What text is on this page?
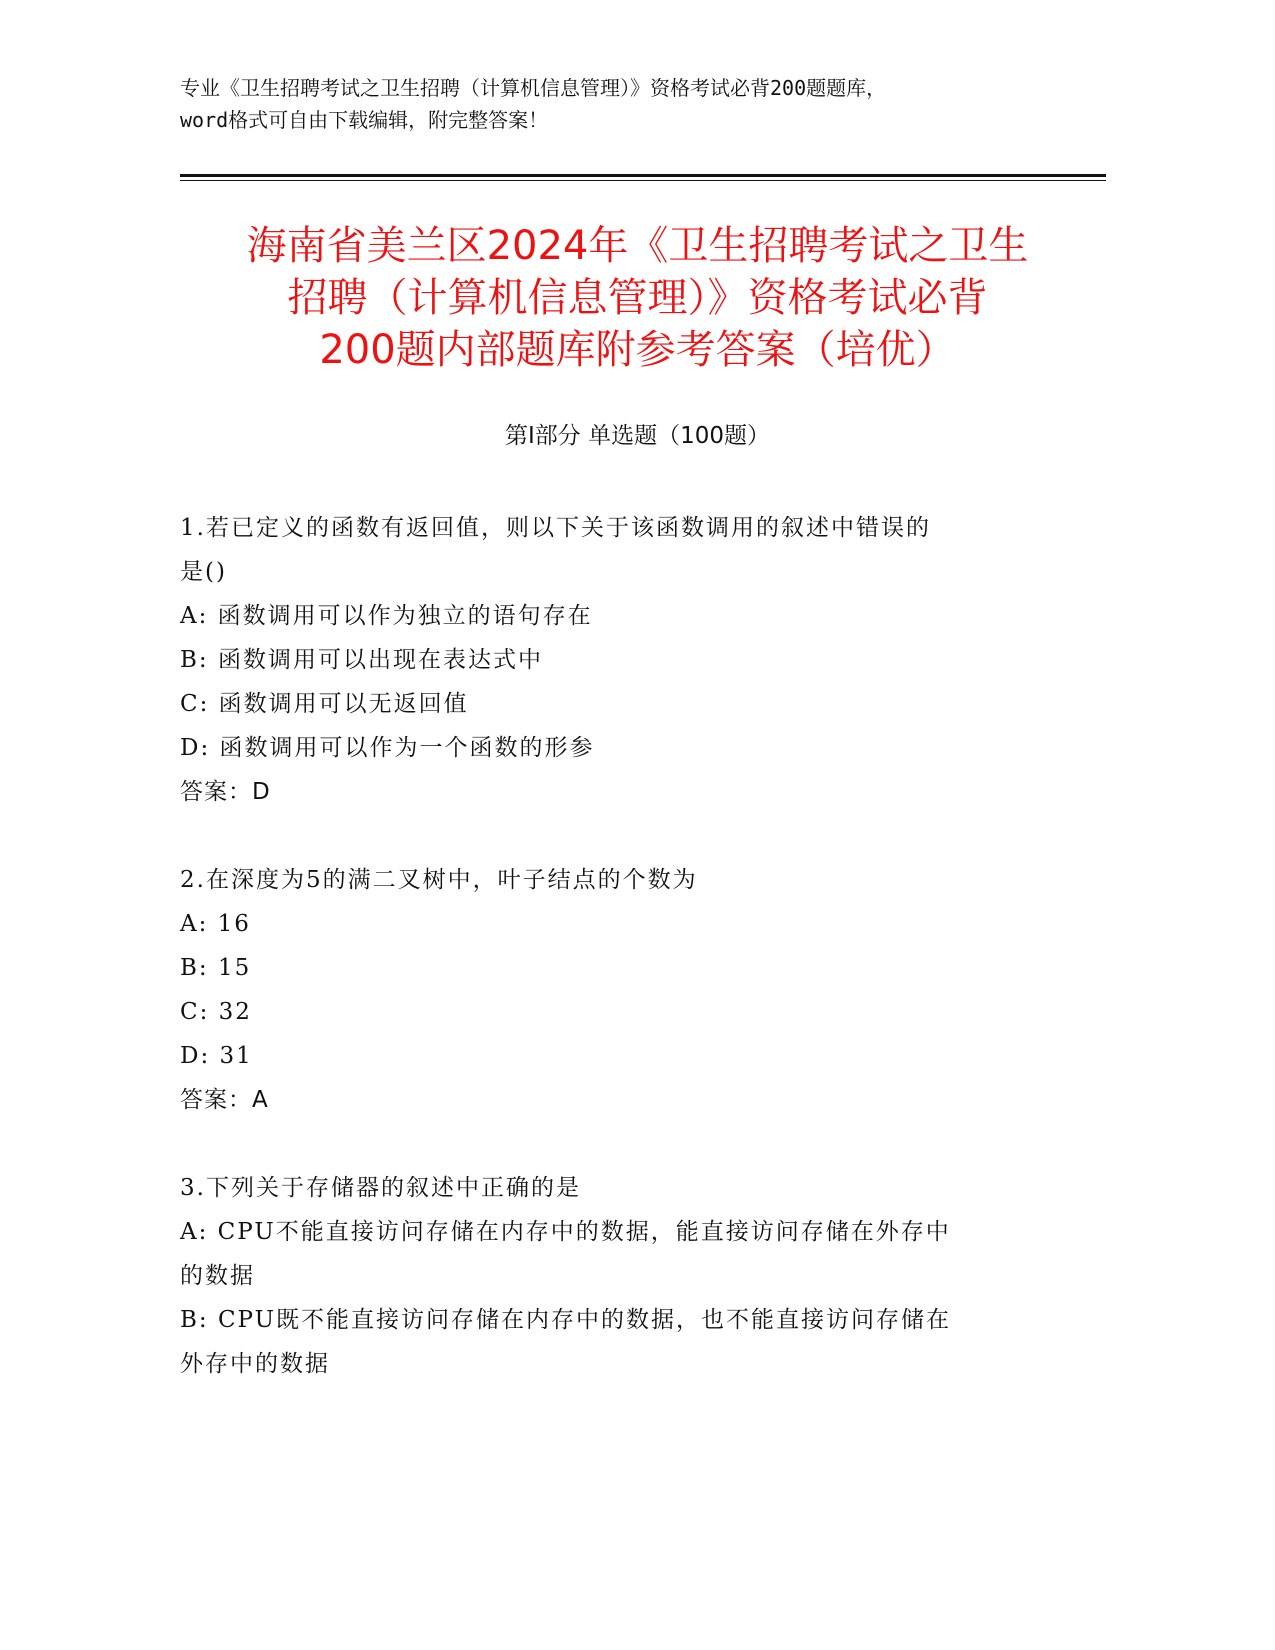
专业《卫生招聘考试之卫生招聘（计算机信息管理）》资格考试必背200题题库，
word格式可自由下载编辑，附完整答案！
海南省美兰区2024年《卫生招聘考试之卫生
招聘（计算机信息管理）》资格考试必背
200题内部题库附参考答案（培优）
第I部分 单选题（100题）
1.若已定义的函数有返回值，则以下关于该函数调用的叙述中错误的
是()
A: 函数调用可以作为独立的语句存在
B: 函数调用可以出现在表达式中
C: 函数调用可以无返回值
D: 函数调用可以作为一个函数的形参
答案：D
2.在深度为5的满二叉树中，叶子结点的个数为
A: 16
B: 15
C: 32
D: 31
答案：A
3.下列关于存储器的叙述中正确的是
A: CPU不能直接访问存储在内存中的数据，能直接访问存储在外存中
的数据
B: CPU既不能直接访问存储在内存中的数据，也不能直接访问存储在
外存中的数据
